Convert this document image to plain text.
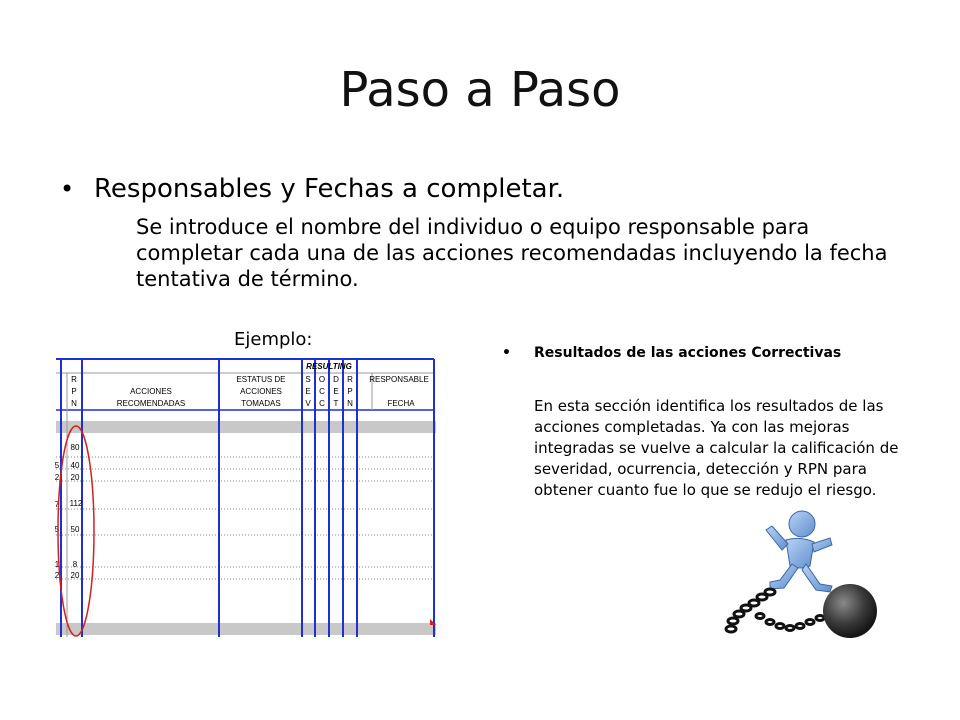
Paso a Paso
• Responsables y Fechas a completar.
Se introduce el nombre del individuo o equipo responsable para completar cada una de las acciones recomendadas incluyendo la fecha tentativa de término.
Ejemplo:
RESULTING
R
P
N
ACCIONES
RECOMENDADAS
ESTATUS DE
ACCIONES
TOMADAS
S
E
V
O
C
C
D
E
T
R
P
N
RESPONSABLE
FECHA
5
2
7
5
1
2
80
40
20
112
50
8
20
• Resultados de las acciones Correctivas
En esta sección identifica los resultados de las acciones completadas. Ya con las mejoras integradas se vuelve a calcular la calificación de severidad, ocurrencia, detección y RPN para obtener cuanto fue lo que se redujo el riesgo.
